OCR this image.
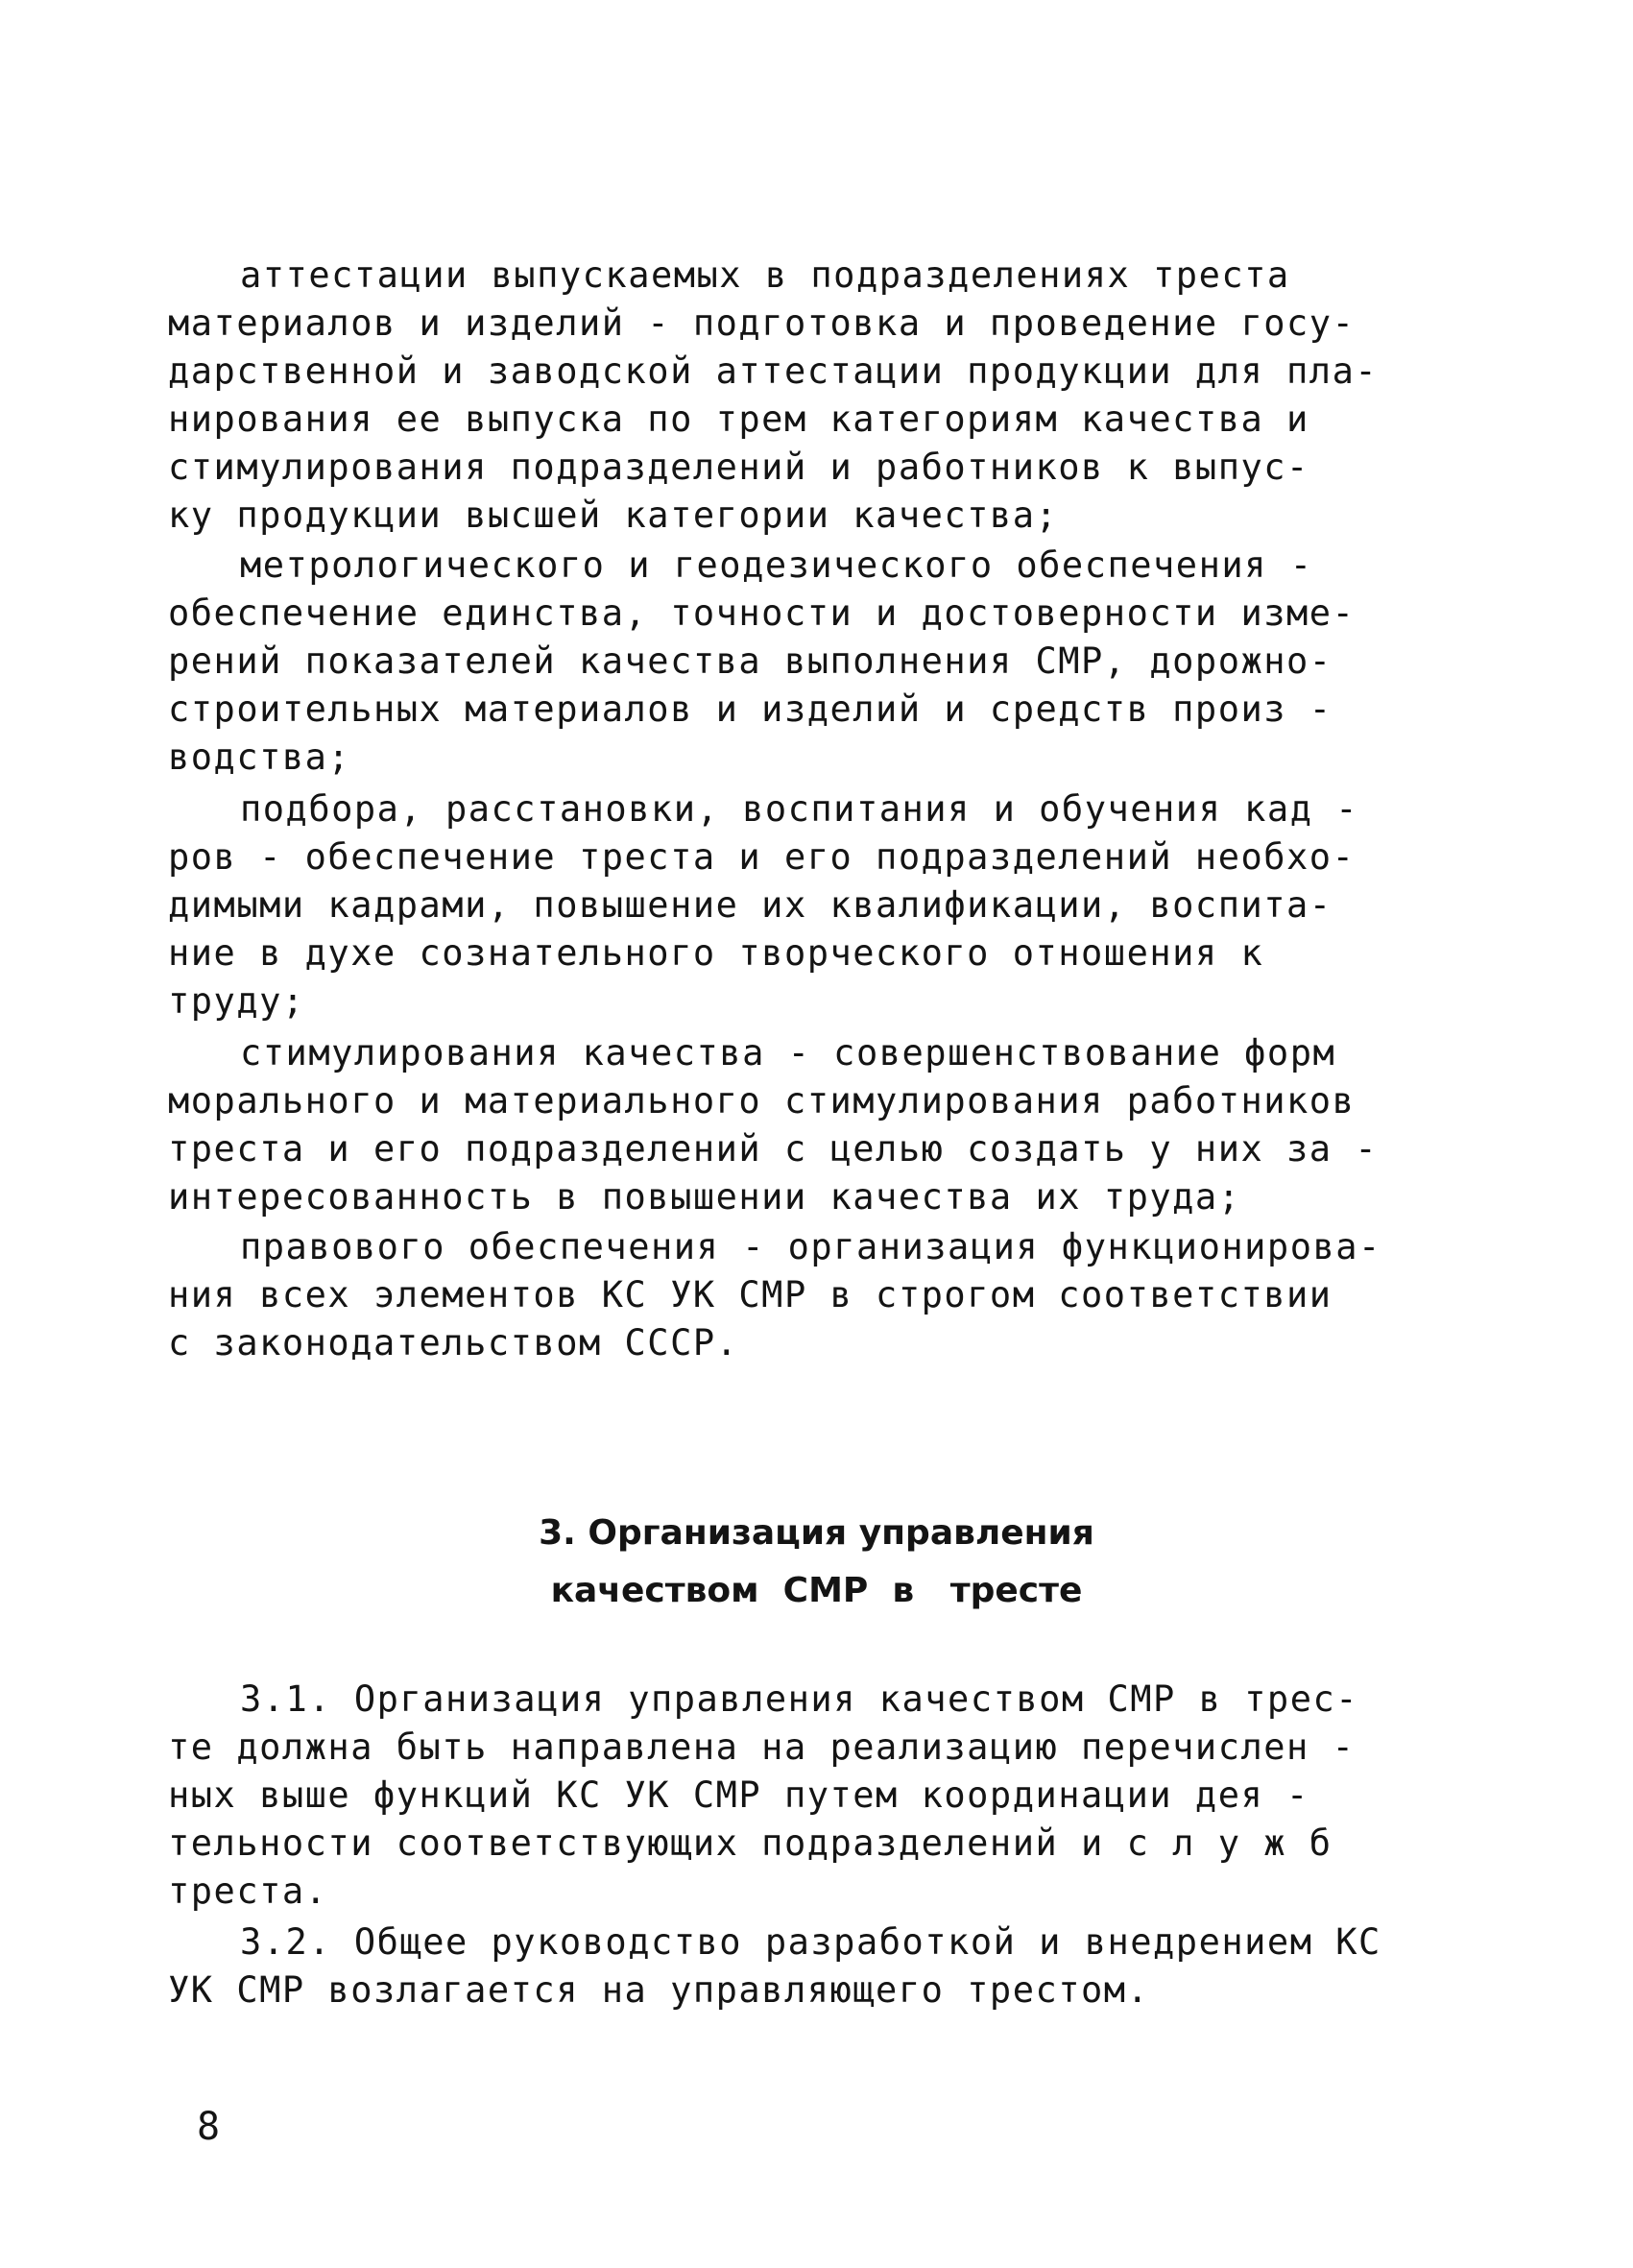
аттестации выпускаемых в подразделениях треста
материалов и изделий - подготовка и проведение госу-
дарственной и заводской аттестации продукции для пла-
нирования ее выпуска по трем категориям качества и
стимулирования подразделений и работников к выпус-
ку продукции высшей категории качества;
метрологического и геодезического обеспечения -
обеспечение единства, точности и достоверности изме-
рений показателей качества выполнения СМР, дорожно-
строительных материалов и изделий и средств произ -
водства;
подбора, расстановки, воспитания и обучения кад -
ров - обеспечение треста и его подразделений необхо-
димыми кадрами, повышение их квалификации, воспита-
ние в духе сознательного творческого отношения к
труду;
стимулирования качества - совершенствование форм
морального и материального стимулирования работников
треста и его подразделений с целью создать у них за -
интересованность в повышении качества их труда;
правового обеспечения - организация функционирова-
ния всех элементов КС УК СМР в строгом соответствии
с законодательством СССР.
3. Организация управления
качеством  СМР  в   тресте
3.1. Организация управления качеством СМР в трес-
те должна быть направлена на реализацию перечислен -
ных выше функций КС УК СМР путем координации дея -
тельности соответствующих подразделений и с л у ж б
треста.
3.2. Общее руководство разработкой и внедрением КС
УК СМР возлагается на управляющего трестом.
8
